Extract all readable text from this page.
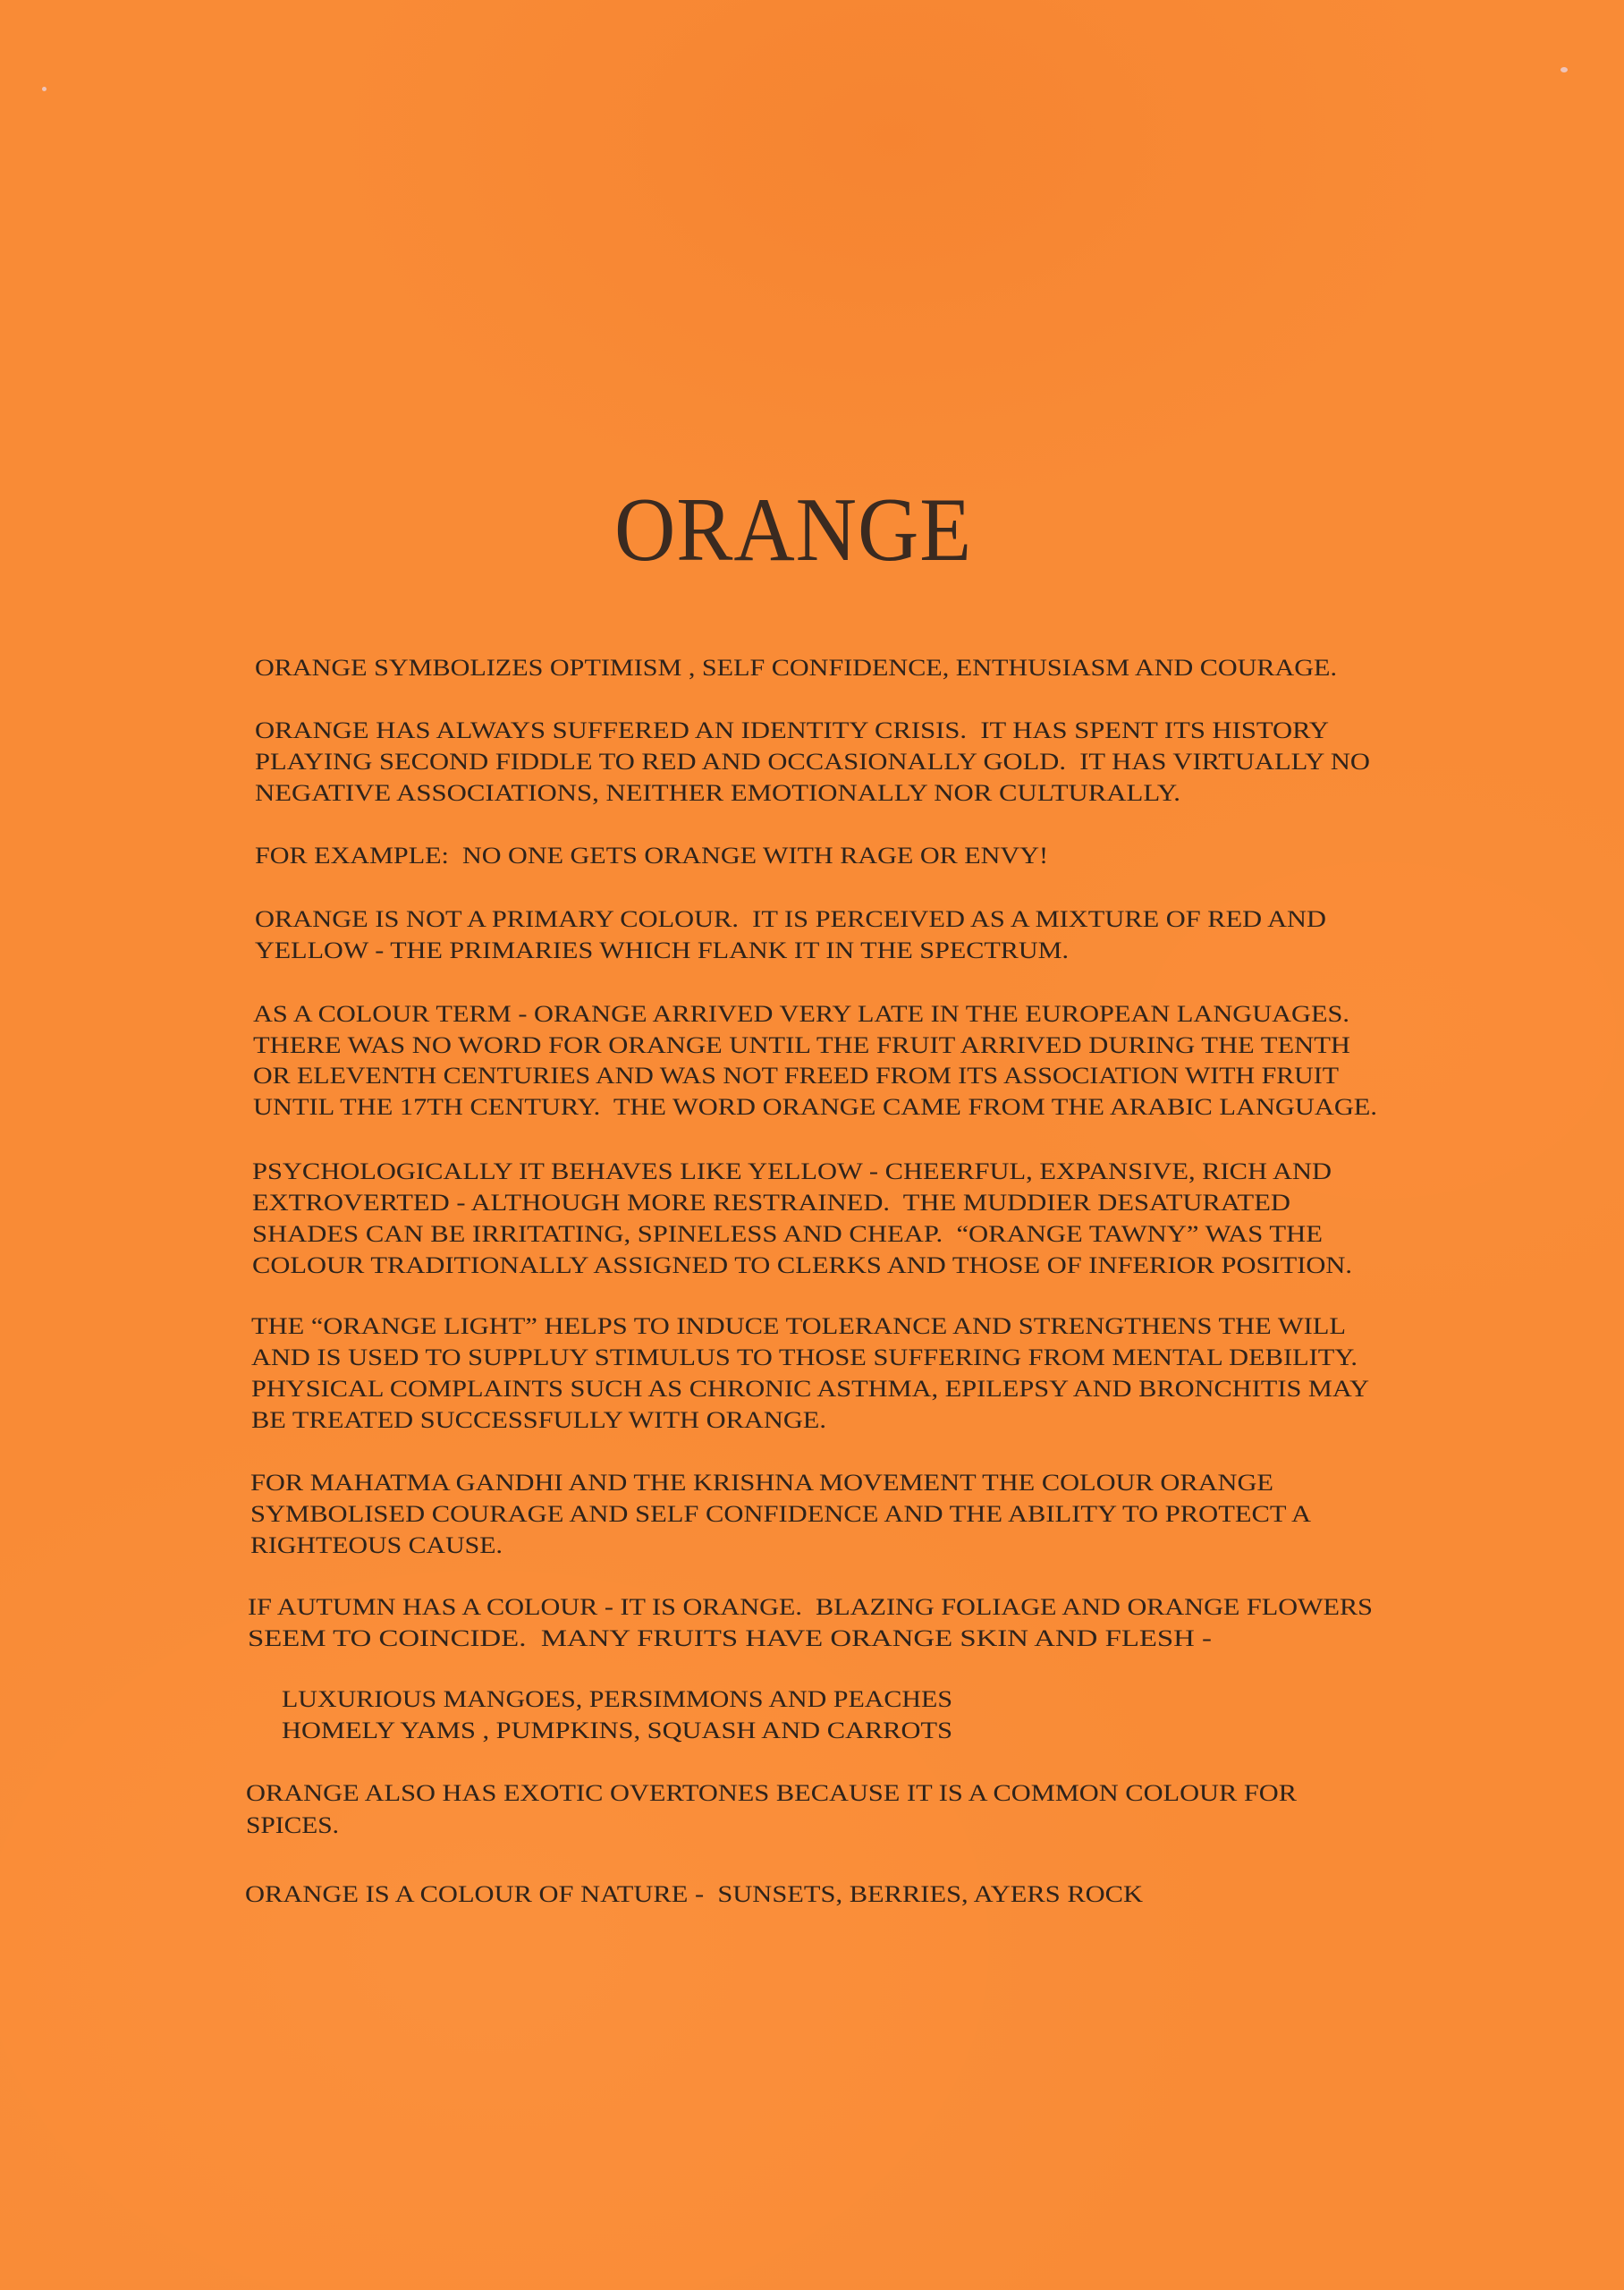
ORANGE
ORANGE SYMBOLIZES OPTIMISM , SELF CONFIDENCE, ENTHUSIASM AND COURAGE.
ORANGE HAS ALWAYS SUFFERED AN IDENTITY CRISIS.  IT HAS SPENT ITS HISTORY
PLAYING SECOND FIDDLE TO RED AND OCCASIONALLY GOLD.  IT HAS VIRTUALLY NO
NEGATIVE ASSOCIATIONS, NEITHER EMOTIONALLY NOR CULTURALLY.
FOR EXAMPLE:  NO ONE GETS ORANGE WITH RAGE OR ENVY!
ORANGE IS NOT A PRIMARY COLOUR.  IT IS PERCEIVED AS A MIXTURE OF RED AND
YELLOW - THE PRIMARIES WHICH FLANK IT IN THE SPECTRUM.
AS A COLOUR TERM - ORANGE ARRIVED VERY LATE IN THE EUROPEAN LANGUAGES.
THERE WAS NO WORD FOR ORANGE UNTIL THE FRUIT ARRIVED DURING THE TENTH
OR ELEVENTH CENTURIES AND WAS NOT FREED FROM ITS ASSOCIATION WITH FRUIT
UNTIL THE 17TH CENTURY.  THE WORD ORANGE CAME FROM THE ARABIC LANGUAGE.
PSYCHOLOGICALLY IT BEHAVES LIKE YELLOW - CHEERFUL, EXPANSIVE, RICH AND
EXTROVERTED - ALTHOUGH MORE RESTRAINED.  THE MUDDIER DESATURATED
SHADES CAN BE IRRITATING, SPINELESS AND CHEAP.  “ORANGE TAWNY” WAS THE
COLOUR TRADITIONALLY ASSIGNED TO CLERKS AND THOSE OF INFERIOR POSITION.
THE “ORANGE LIGHT” HELPS TO INDUCE TOLERANCE AND STRENGTHENS THE WILL
AND IS USED TO SUPPLUY STIMULUS TO THOSE SUFFERING FROM MENTAL DEBILITY.
PHYSICAL COMPLAINTS SUCH AS CHRONIC ASTHMA, EPILEPSY AND BRONCHITIS MAY
BE TREATED SUCCESSFULLY WITH ORANGE.
FOR MAHATMA GANDHI AND THE KRISHNA MOVEMENT THE COLOUR ORANGE
SYMBOLISED COURAGE AND SELF CONFIDENCE AND THE ABILITY TO PROTECT A
RIGHTEOUS CAUSE.
IF AUTUMN HAS A COLOUR - IT IS ORANGE.  BLAZING FOLIAGE AND ORANGE FLOWERS
SEEM TO COINCIDE.  MANY FRUITS HAVE ORANGE SKIN AND FLESH -
LUXURIOUS MANGOES, PERSIMMONS AND PEACHES
HOMELY YAMS , PUMPKINS, SQUASH AND CARROTS
ORANGE ALSO HAS EXOTIC OVERTONES BECAUSE IT IS A COMMON COLOUR FOR
SPICES.
ORANGE IS A COLOUR OF NATURE -  SUNSETS, BERRIES, AYERS ROCK
